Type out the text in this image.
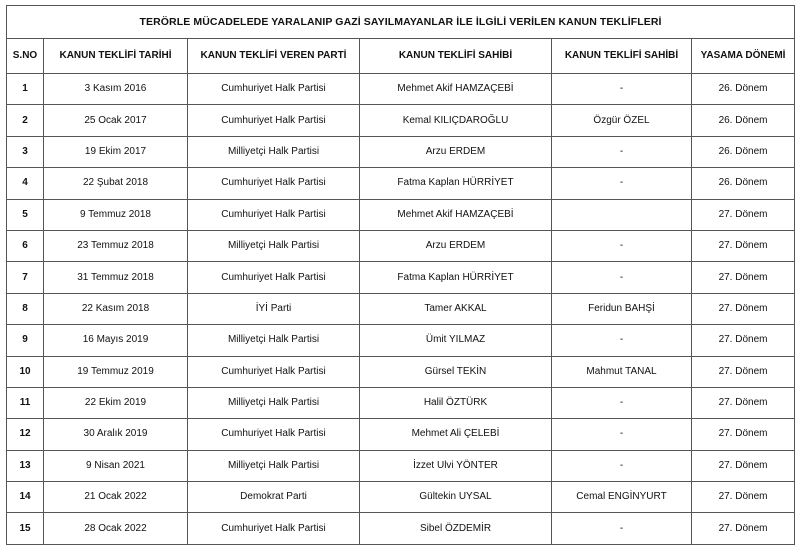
TERÖRLE MÜCADELEDE YARALANIP GAZİ SAYILMAYANLAR İLE İLGİLİ VERİLEN KANUN TEKLİFLERİ					
S.NO	KANUN TEKLİFİ TARİHİ	KANUN TEKLİFİ VEREN PARTİ	KANUN TEKLİFİ SAHİBİ	KANUN TEKLİFİ SAHİBİ	YASAMA DÖNEMİ
1	3 Kasım 2016	Cumhuriyet Halk Partisi	Mehmet Akif HAMZAÇEBİ	-	26. Dönem
2	25 Ocak 2017	Cumhuriyet Halk Partisi	Kemal KILIÇDAROĞLU	Özgür ÖZEL	26. Dönem
3	19 Ekim 2017	Milliyetçi Halk Partisi	Arzu ERDEM	-	26. Dönem
4	22 Şubat 2018	Cumhuriyet Halk Partisi	Fatma Kaplan HÜRRİYET	-	26. Dönem
5	9 Temmuz 2018	Cumhuriyet Halk Partisi	Mehmet Akif HAMZAÇEBİ		27. Dönem
6	23 Temmuz 2018	Milliyetçi Halk Partisi	Arzu ERDEM	-	27. Dönem
7	31 Temmuz 2018	Cumhuriyet Halk Partisi	Fatma Kaplan HÜRRİYET	-	27. Dönem
8	22 Kasım 2018	İYİ Parti	Tamer AKKAL	Feridun BAHŞİ	27. Dönem
9	16 Mayıs 2019	Milliyetçi Halk Partisi	Ümit YILMAZ	-	27. Dönem
10	19 Temmuz 2019	Cumhuriyet Halk Partisi	Gürsel TEKİN	Mahmut TANAL	27. Dönem
11	22 Ekim 2019	Milliyetçi Halk Partisi	Halil ÖZTÜRK	-	27. Dönem
12	30 Aralık 2019	Cumhuriyet Halk Partisi	Mehmet Ali ÇELEBİ	-	27. Dönem
13	9 Nisan 2021	Milliyetçi Halk Partisi	İzzet Ulvi YÖNTER	-	27. Dönem
14	21 Ocak 2022	Demokrat Parti	Gültekin UYSAL	Cemal ENGİNYURT	27. Dönem
15	28 Ocak 2022	Cumhuriyet Halk Partisi	Sibel ÖZDEMİR	-	27. Dönem
